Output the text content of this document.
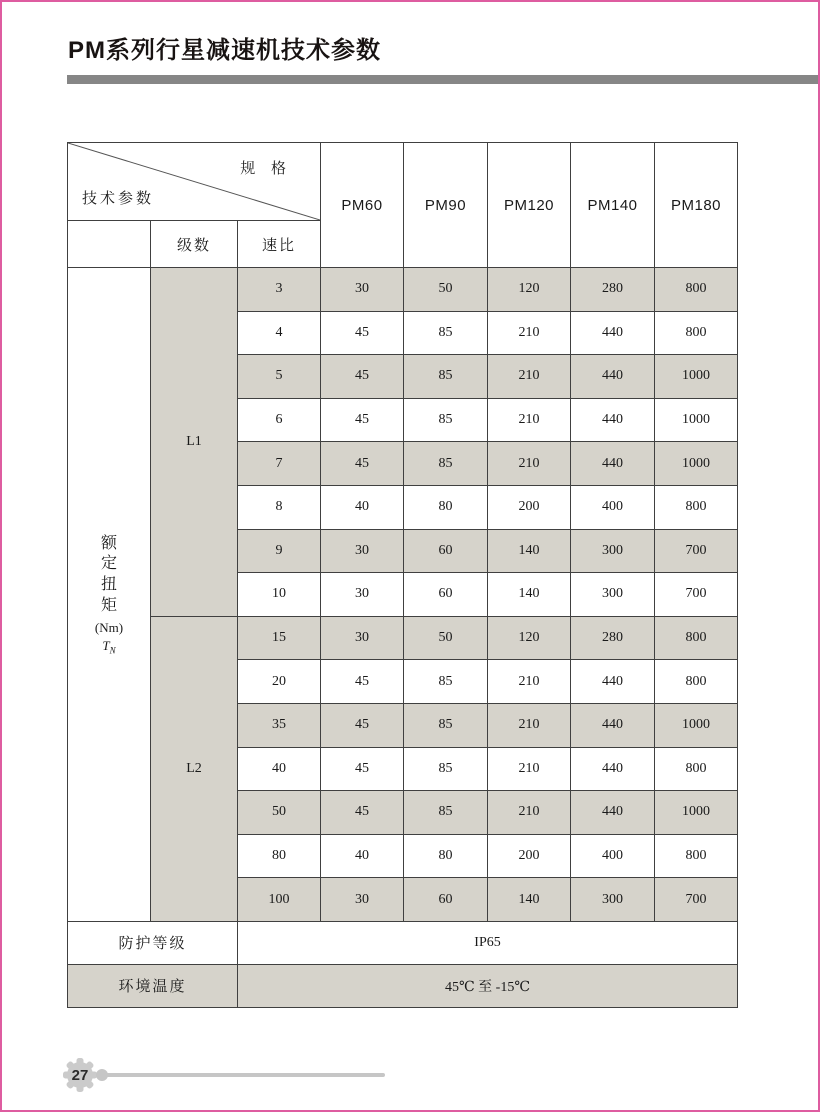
PM系列行星减速机技术参数
规 格
技术参数			PM60	PM90	PM120	PM140	PM180
	级数	速比					

额定扭矩
(Nm)
$T_N$	L1	3	30	50	120	280	800
		4	45	85	210	440	800
		5	45	85	210	440	1000
		6	45	85	210	440	1000
		7	45	85	210	440	1000
		8	40	80	200	400	800
		9	30	60	140	300	700
		10	30	60	140	300	700
	L2	15	30	50	120	280	800
		20	45	85	210	440	800
		35	45	85	210	440	1000
		40	45	85	210	440	800
		50	45	85	210	440	1000
		80	40	80	200	400	800
		100	30	60	140	300	700
防护等级		IP65					
环境温度		45℃ 至 -15℃					
27
